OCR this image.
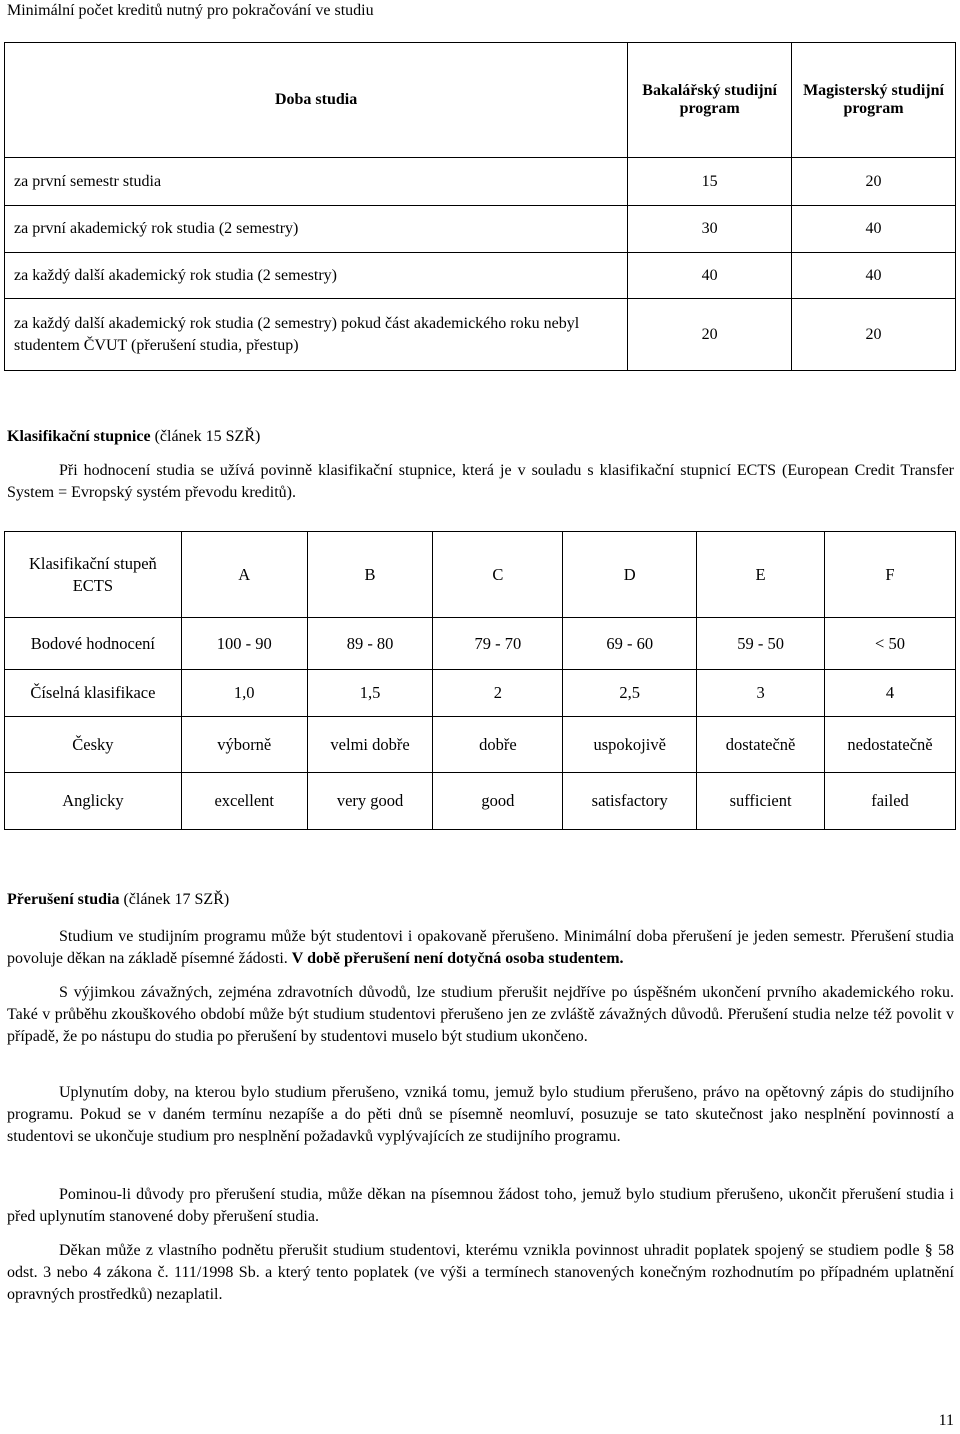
Minimální počet kreditů nutný pro pokračování ve studiu
Doba studia	Bakalářský studijní program	Magisterský studijní program
za první semestr studia	15	20
za první akademický rok studia (2 semestry)	30	40
za každý další akademický rok studia (2 semestry)	40	40
za každý další akademický rok studia (2 semestry) pokud část akademického roku nebyl studentem ČVUT (přerušení studia, přestup)	20	20
Klasifikační stupnice (článek 15 SZŘ)
Při hodnocení studia se užívá povinně klasifikační stupnice, která je v souladu s klasifikační stupnicí ECTS (European Credit Transfer System = Evropský systém převodu kreditů).
Klasifikační stupeň ECTS	A	B	C	D	E	F
Bodové hodnocení	100 - 90	89 - 80	79 - 70	69 - 60	59 - 50	< 50
Číselná klasifikace	1,0	1,5	2	2,5	3	4
Česky	výborně	velmi dobře	dobře	uspokojivě	dostatečně	nedostatečně
Anglicky	excellent	very good	good	satisfactory	sufficient	failed
Přerušení studia (článek 17 SZŘ)
Studium ve studijním programu může být studentovi i opakovaně přerušeno. Minimální doba přerušení je jeden semestr. Přerušení studia povoluje děkan na základě písemné žádosti. V době přerušení není dotyčná osoba studentem.
S výjimkou závažných, zejména zdravotních důvodů, lze studium přerušit nejdříve po úspěšném ukončení prvního akademického roku. Také v průběhu zkouškového období může být studium studentovi přerušeno jen ze zvláště závažných důvodů. Přerušení studia nelze též povolit v případě, že po nástupu do studia po přerušení by studentovi muselo být studium ukončeno.
Uplynutím doby, na kterou bylo studium přerušeno, vzniká tomu, jemuž bylo studium přerušeno, právo na opětovný zápis do studijního programu. Pokud se v daném termínu nezapíše a do pěti dnů se písemně neomluví, posuzuje se tato skutečnost jako nesplnění povinností a studentovi se ukončuje studium pro nesplnění požadavků vyplývajících ze studijního programu.
Pominou-li důvody pro přerušení studia, může děkan na písemnou žádost toho, jemuž bylo studium přerušeno, ukončit přerušení studia i před uplynutím stanovené doby přerušení studia.
Děkan může z vlastního podnětu přerušit studium studentovi, kterému vznikla povinnost uhradit poplatek spojený se studiem podle § 58 odst. 3 nebo 4 zákona č. 111/1998 Sb. a který tento poplatek (ve výši a termínech stanovených konečným rozhodnutím po případném uplatnění opravných prostředků) nezaplatil.
11
